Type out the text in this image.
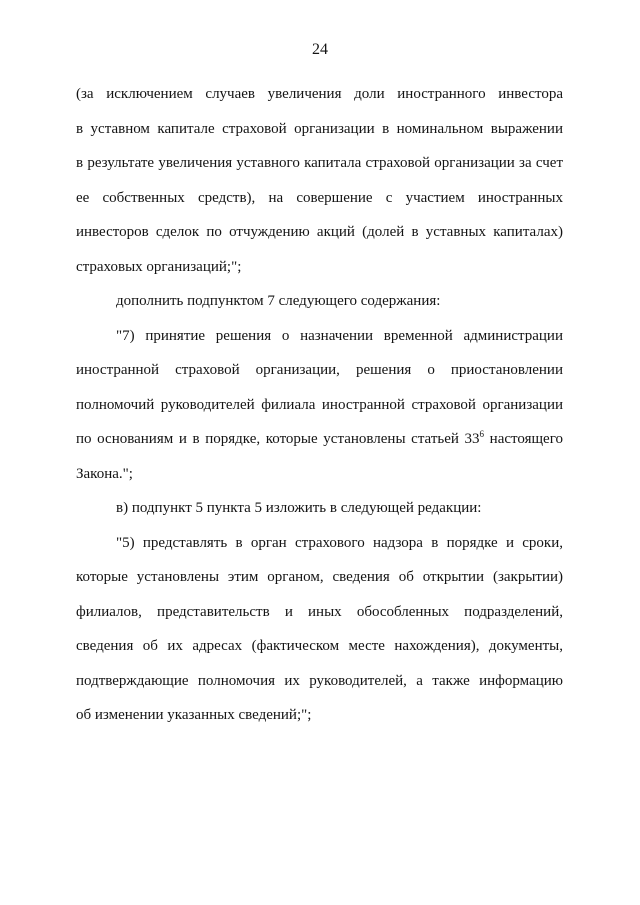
24
(за исключением случаев увеличения доли иностранного инвестора
в уставном капитале страховой организации в номинальном выражении
в результате увеличения уставного капитала страховой организации за счет
ее собственных средств), на совершение с участием иностранных
инвесторов сделок по отчуждению акций (долей в уставных капиталах)
страховых организаций;";
дополнить подпунктом 7 следующего содержания:
"7) принятие решения о назначении временной администрации
иностранной страховой организации, решения о приостановлении
полномочий руководителей филиала иностранной страховой организации
по основаниям и в порядке, которые установлены статьей $33^6$ настоящего
Закона.";
в) подпункт 5 пункта 5 изложить в следующей редакции:
"5) представлять в орган страхового надзора в порядке и сроки,
которые установлены этим органом, сведения об открытии (закрытии)
филиалов, представительств и иных обособленных подразделений,
сведения об их адресах (фактическом месте нахождения), документы,
подтверждающие полномочия их руководителей, а также информацию
об изменении указанных сведений;";
